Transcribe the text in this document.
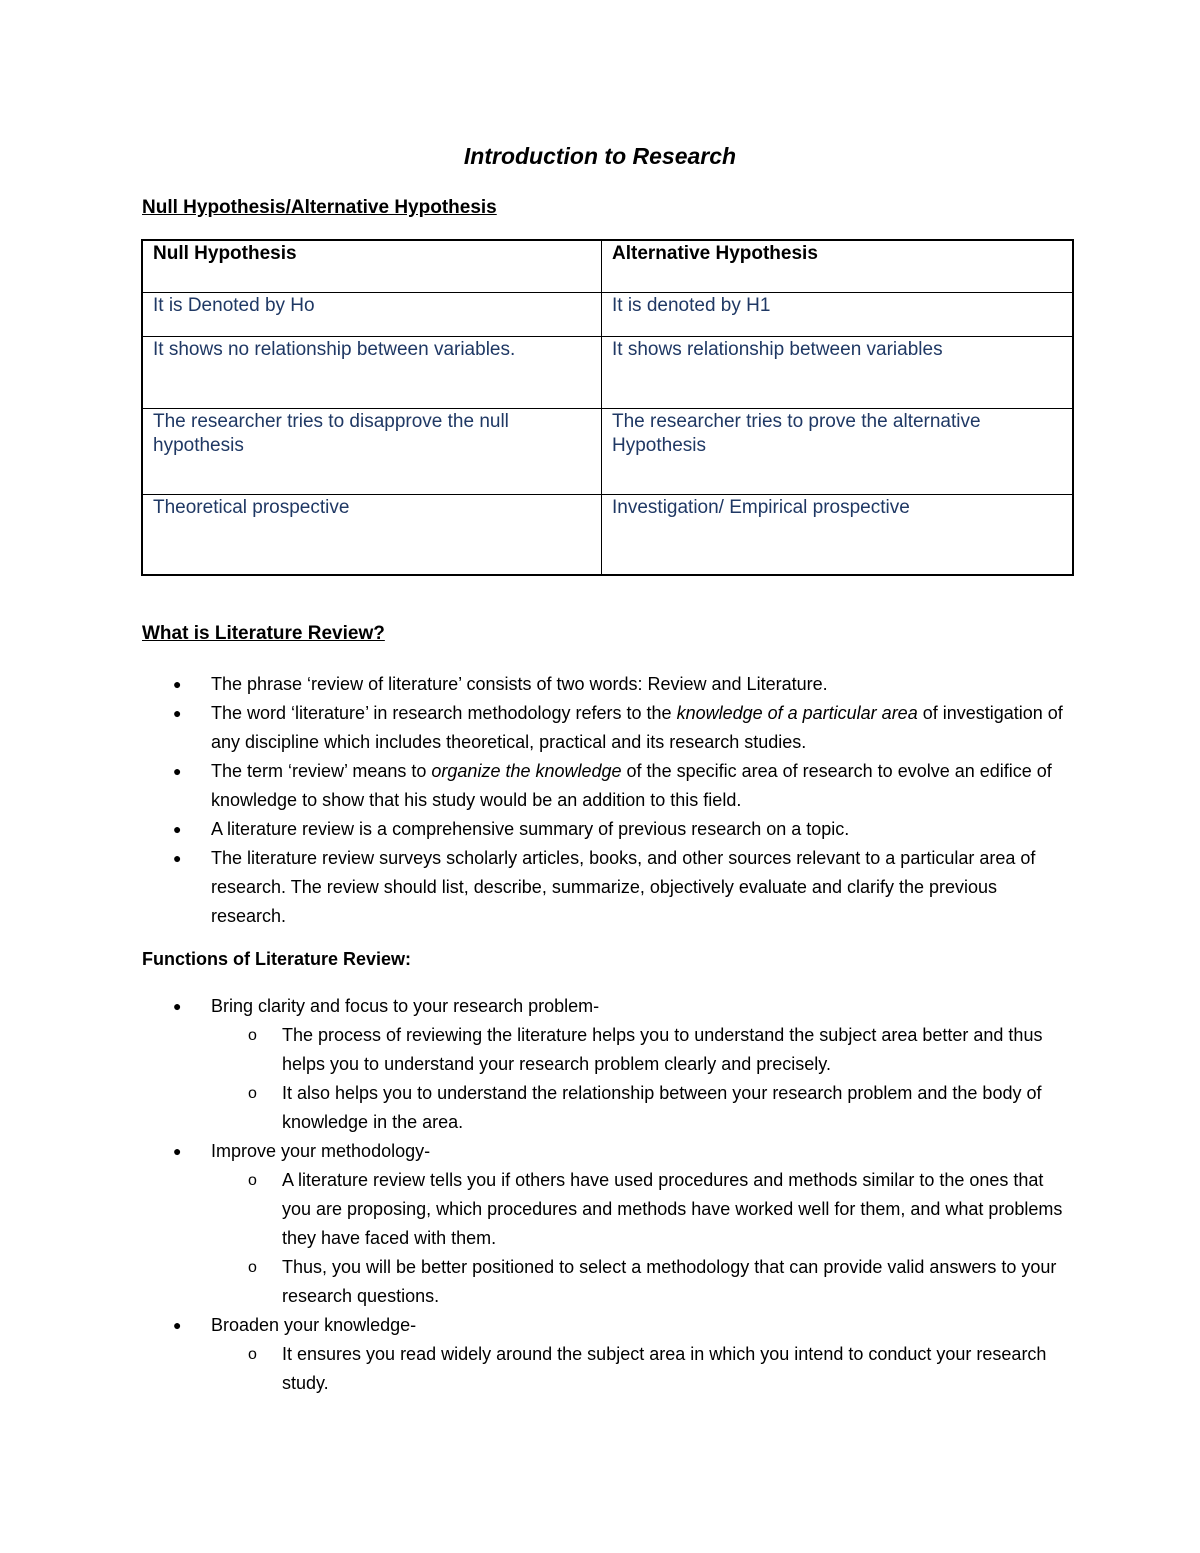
Introduction to Research
Null Hypothesis/Alternative Hypothesis
Null Hypothesis	Alternative Hypothesis
It is Denoted by Ho	It is denoted by H1
It shows no relationship between variables.	It shows relationship between variables
The researcher tries to disapprove the null hypothesis	The researcher tries to prove the alternative Hypothesis
Theoretical prospective	Investigation/ Empirical prospective
What is Literature Review?
● The phrase ‘review of literature’ consists of two words: Review and Literature.
● The word ‘literature’ in research methodology refers to the knowledge of a particular area of investigation of any discipline which includes theoretical, practical and its research studies.
● The term ‘review’ means to organize the knowledge of the specific area of research to evolve an edifice of knowledge to show that his study would be an addition to this field.
● A literature review is a comprehensive summary of previous research on a topic.
● The literature review surveys scholarly articles, books, and other sources relevant to a particular area of research. The review should list, describe, summarize, objectively evaluate and clarify the previous research.
Functions of Literature Review:
● Bring clarity and focus to your research problem-
o The process of reviewing the literature helps you to understand the subject area better and thus helps you to understand your research problem clearly and precisely.
o It also helps you to understand the relationship between your research problem and the body of knowledge in the area.
● Improve your methodology-
o A literature review tells you if others have used procedures and methods similar to the ones that you are proposing, which procedures and methods have worked well for them, and what problems they have faced with them.
o Thus, you will be better positioned to select a methodology that can provide valid answers to your research questions.
● Broaden your knowledge-
o It ensures you read widely around the subject area in which you intend to conduct your research study.
